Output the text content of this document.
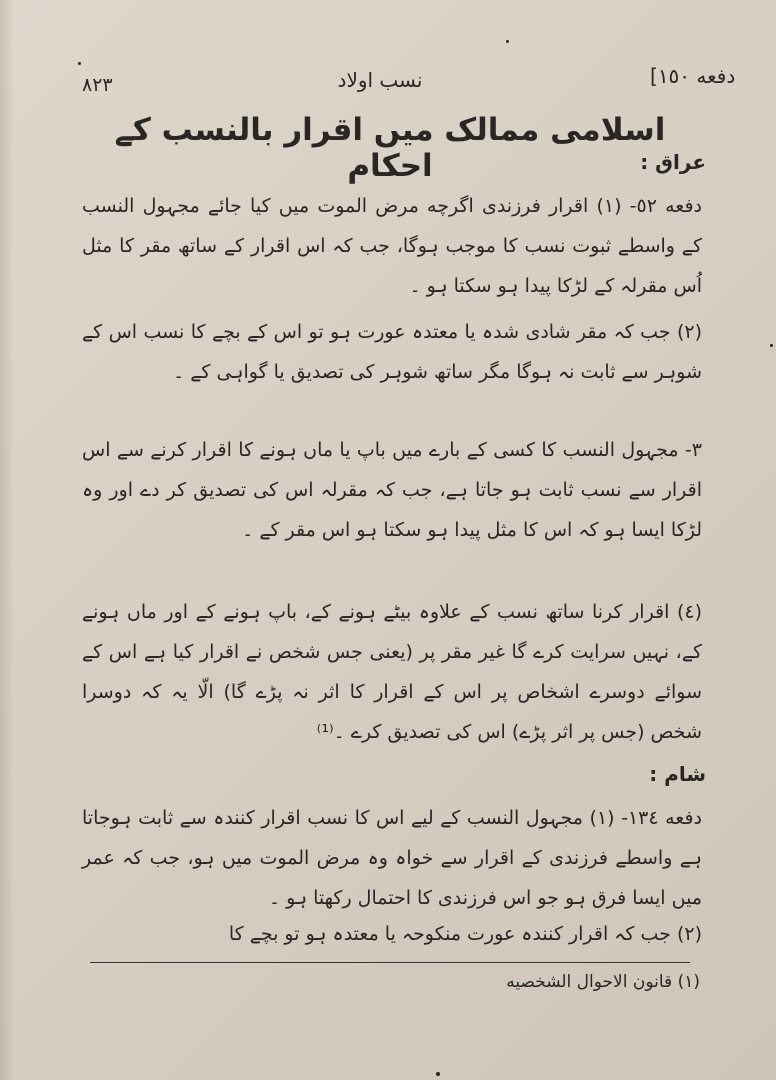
٨٢٣	نسب اولاد	دفعه ١٥٠]
اسلامی ممالک میں اقرار بالنسب کے احکام	عراق :

دفعه ٥٢- (١) اقرار فرزندی اگرچه مرض الموت میں کیا جائے مجہول النسب کے واسطے ثبوت نسب کا موجب ہوگا، جب کہ اس اقرار کے ساتھ مقر کا مثل اُس مقرلہ کے لڑکا پیدا ہو سکتا ہو ۔

(٢) جب کہ مقر شادی شدہ یا معتدہ عورت ہو تو اس کے بچے کا نسب اس کے شوہر سے ثابت نہ ہوگا مگر ساتھ شوہر کی تصدیق یا گواہی کے ۔

٣- مجہول النسب کا کسی کے بارے میں باپ یا ماں ہونے کا اقرار کرنے سے اس اقرار سے نسب ثابت ہو جاتا ہے، جب کہ مقرلہ اس کی تصدیق کر دے اور وہ لڑکا ایسا ہو کہ اس کا مثل پیدا ہو سکتا ہو اس مقر کے ۔

(٤) اقرار کرنا ساتھ نسب کے علاوہ بیٹے ہونے کے، باپ ہونے کے اور ماں ہونے کے، نہیں سرایت کرے گا غیر مقر پر (یعنی جس شخص نے اقرار کیا ہے اس کے سوائے دوسرے اشخاص پر اس کے اقرار کا اثر نہ پڑے گا) الّا یہ کہ دوسرا شخص (جس پر اثر پڑے) اس کی تصدیق کرے ۔⁽¹⁾

شام :

دفعه ١٣٤- (١) مجہول النسب کے لیے اس کا نسب اقرار کنندہ سے ثابت ہوجاتا ہے واسطے فرزندی کے اقرار سے خواہ وہ مرض الموت میں ہو، جب کہ عمر میں ایسا فرق ہو جو اس فرزندی کا احتمال رکھتا ہو ۔

(٢) جب کہ اقرار کنندہ عورت منکوحہ یا معتدہ ہو تو بچے کا

(١) قانون الاحوال الشخصیه
